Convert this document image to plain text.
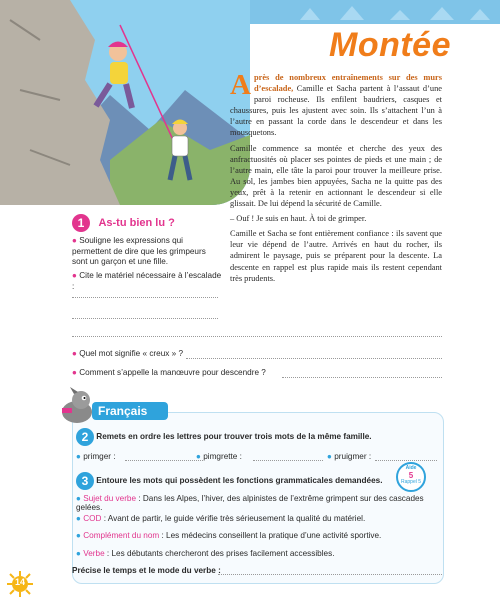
Montée

Après de nombreux entraînements sur des murs d’escalade, Camille et Sacha partent à l’assaut d’une paroi rocheuse. Ils enfilent baudriers, casques et chaussures, puis les ajustent avec soin. Ils s’attachent l’un à l’autre en passant la corde dans le descendeur et dans les mousquetons.

Camille commence sa montée et cherche des yeux des anfractuosités où placer ses pointes de pieds et une main ; de l’autre main, elle tâte la paroi pour trouver la meilleure prise. Au sol, les jambes bien appuyées, Sacha ne la quitte pas des yeux, prêt à la retenir en actionnant le descendeur si elle glissait. De lui dépend la sécurité de Camille.

– Ouf ! Je suis en haut. À toi de grimper.

Camille et Sacha se font entièrement confiance : ils savent que leur vie dépend de l’autre. Arrivés en haut du rocher, ils admirent le paysage, puis se préparent pour la descente. La descente en rappel est plus rapide mais ils restent cependant très prudents.

1 As-tu bien lu ?
● Souligne les expressions qui permettent de dire que les grimpeurs sont un garçon et une fille.
● Cite le matériel nécessaire à l’escalade :
● Quel mot signifie « creux » ?
● Comment s’appelle la manœuvre pour descendre ?
Français
2 Remets en ordre les lettres pour trouver trois mots de la même famille.
● primger :	● pimgrette :	● pruigmer :
3 Entoure les mots qui possèdent les fonctions grammaticales demandées.
Aide
5
Rappel 5
● Sujet du verbe : Dans les Alpes, l’hiver, des alpinistes de l’extrême grimpent sur des cascades gelées.
● COD : Avant de partir, le guide vérifie très sérieusement la qualité du matériel.
● Complément du nom : Les médecins conseillent la pratique d’une activité sportive.
● Verbe : Les débutants chercheront des prises facilement accessibles.
Précise le temps et le mode du verbe :
14
